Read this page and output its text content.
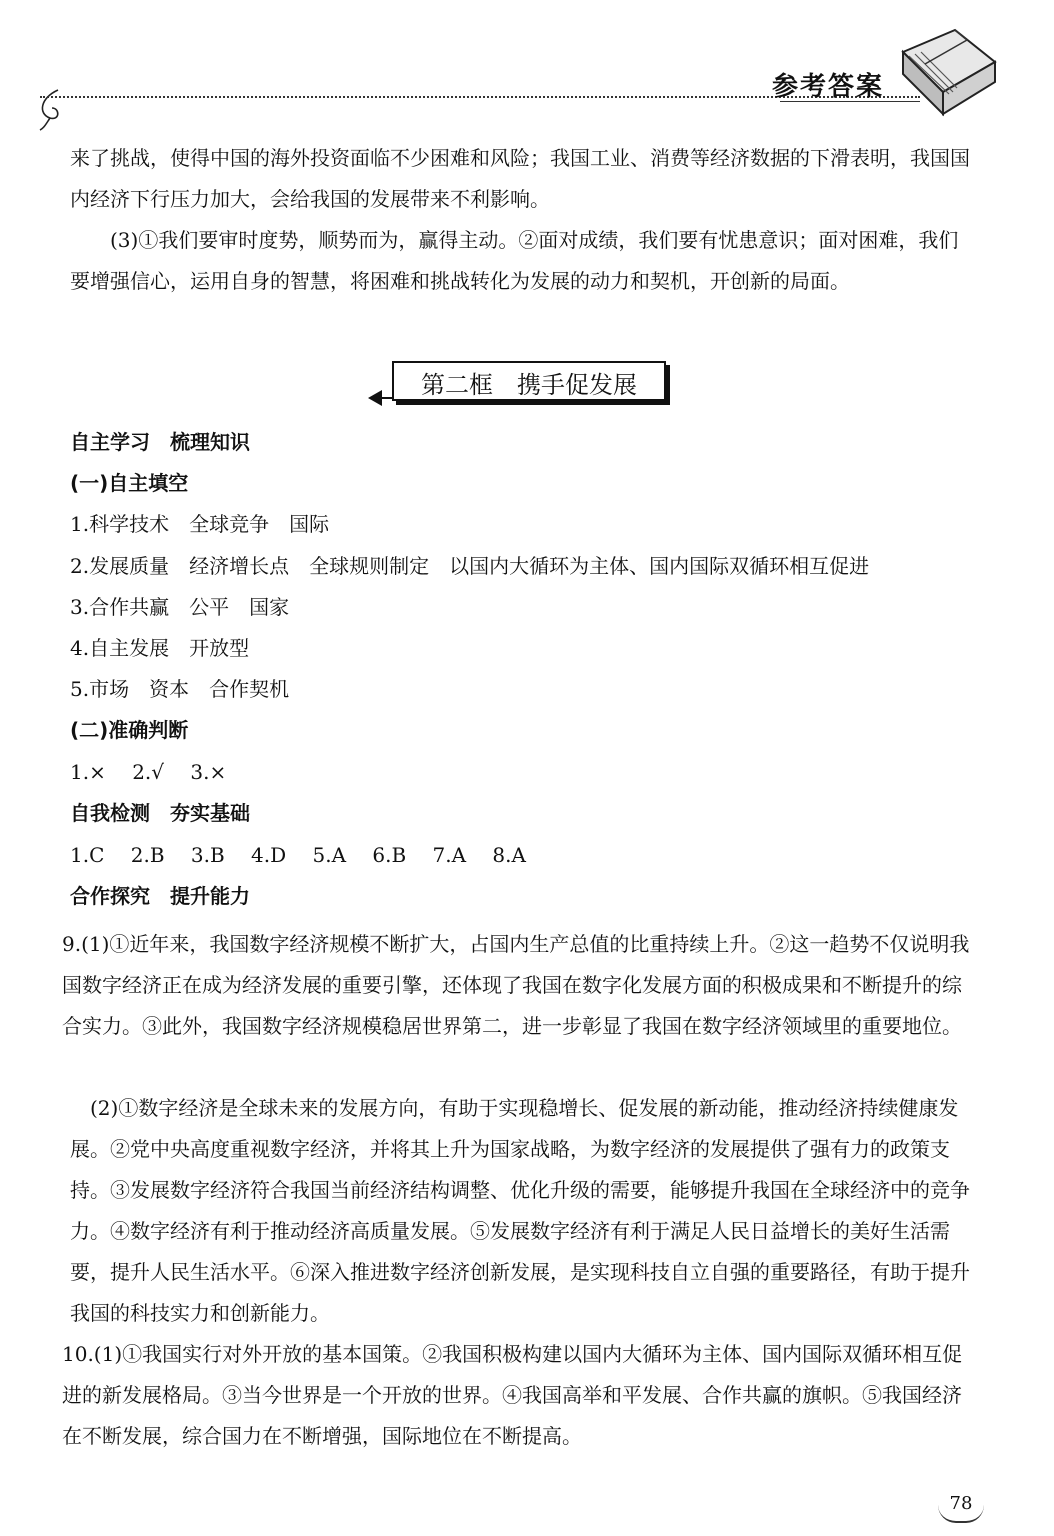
参考答案

来了挑战，使得中国的海外投资面临不少困难和风险；我国工业、消费等经济数据的下滑表明，我国国内经济下行压力加大，会给我国的发展带来不利影响。

(3)①我们要审时度势，顺势而为，赢得主动。②面对成绩，我们要有忧患意识；面对困难，我们要增强信心，运用自身的智慧，将困难和挑战转化为发展的动力和契机，开创新的局面。

第二框　携手促发展
自主学习　梳理知识
(一)自主填空
1.科学技术　全球竞争　国际
2.发展质量　经济增长点　全球规则制定　以国内大循环为主体、国内国际双循环相互促进
3.合作共赢　公平　国家
4.自主发展　开放型
5.市场　资本　合作契机
(二)准确判断
1.×　 2.√　 3.×
自我检测　夯实基础
1.C　 2.B　 3.B　 4.D　 5.A　 6.B　 7.A　 8.A
合作探究　提升能力

9.(1)①近年来，我国数字经济规模不断扩大，占国内生产总值的比重持续上升。②这一趋势不仅说明我国数字经济正在成为经济发展的重要引擎，还体现了我国在数字化发展方面的积极成果和不断提升的综合实力。③此外，我国数字经济规模稳居世界第二，进一步彰显了我国在数字经济领域里的重要地位。

(2)①数字经济是全球未来的发展方向，有助于实现稳增长、促发展的新动能，推动经济持续健康发展。②党中央高度重视数字经济，并将其上升为国家战略，为数字经济的发展提供了强有力的政策支持。③发展数字经济符合我国当前经济结构调整、优化升级的需要，能够提升我国在全球经济中的竞争力。④数字经济有利于推动经济高质量发展。⑤发展数字经济有利于满足人民日益增长的美好生活需要，提升人民生活水平。⑥深入推进数字经济创新发展，是实现科技自立自强的重要路径，有助于提升我国的科技实力和创新能力。

10.(1)①我国实行对外开放的基本国策。②我国积极构建以国内大循环为主体、国内国际双循环相互促进的新发展格局。③当今世界是一个开放的世界。④我国高举和平发展、合作共赢的旗帜。⑤我国经济在不断发展，综合国力在不断增强，国际地位在不断提高。

78
